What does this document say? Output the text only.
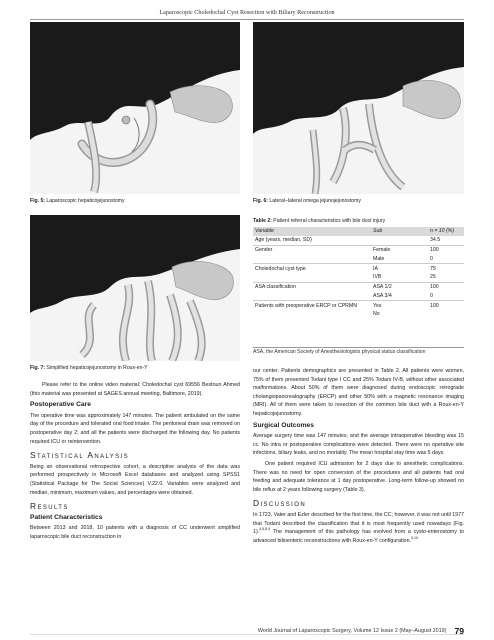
Laparoscopic Choledochal Cyst Resection with Biliary Reconstruction
Fig. 5: Laparoscopic hepaticojejunostomy	Fig. 6: Lateral–lateral omega jejunojejunostomy
Fig. 7: Simplified hepaticojejunostomy in Roux-en-Y
Table 2: Patient referral characteristics with bile duct injury
Variable	Sub	n = 10 (%)
Age (years, median, SD)		34.5
Gender	Female	100
	Male	0
Choledochal cyst type	IA	75
	IVB	25
ASA classification	ASA 1/2	100
	ASA 3/4	0
Patients with preoperative ERCP or CPRMN	Yes	100
	No	
ASA, the American Society of Anesthesiologists physical status classification

Please refer to the online video material: Choledochal cyst 69556 Bestoun Ahmed (this material was presented at SAGES annual meeting, Baltimore, 2019).

Postoperative Care

The operative time was approximately 147 minutes. The patient ambulated on the same day of the procedure and tolerated oral food intake. The peritoneal drain was removed on postoperative day 2; and all the patients were discharged the following day. No patients required ICU or reintervention.

Statistical Analysis

Being an observational retrospective cohort, a descriptive analysis of the data was performed prospectively in Microsoft Excel databases and analyzed using SPSS1 (Statistical Package for The Social Sciences) V.22.0. Variables were analyzed and median, minimum, maximum values, and percentages were obtained.

Results
Patient Characteristics

Between 2013 and 2018, 10 patients with a diagnosis of CC underwent simplified laparoscopic bile duct reconstruction in

our center. Patients demographics are presented in Table 2. All patients were women, 75% of them presented Todani type I CC and 25% Todani IV-B, without other associated malformations. About 50% of them were diagnosed during endoscopic retrograde cholangiopancreatography (ERCP) and other 50% with a magnetic resonance imaging (MRI). All of them were taken to resection of the common bile duct with a Roux-en-Y hepaticojejunostomy.

Surgical Outcomes

Average surgery time was 147 minutes; and the average intraoperative bleeding was 15 cc. No intra or postoperative complications were detected. There were no operative site infections, biliary leaks, and no mortality. The mean hospital stay time was 5 days.

One patient required ICU admission for 2 days due to anesthetic complications. There was no need for open conversion of the procedures and all patients had oral feeding and adequate tolerance at 1 day postoperative. Long-term follow-up showed no bile reflux at 2 years following surgery (Table 3).

Discussion

In 1723, Vater and Ezler described for the first time, the CC; however, it was not until 1977 that Todani described the classification that it is most frequently used nowadays (Fig. 1).$^{4,5,8,9}$ The management of this pathology has evolved from a cysto-enterostomy to advanced bilioenteric reconstructions with Roux-en-Y configuration.$^{5,10}$

World Journal of Laparoscopic Surgery, Volume 12 Issue 2 (May–August 2019) 79
